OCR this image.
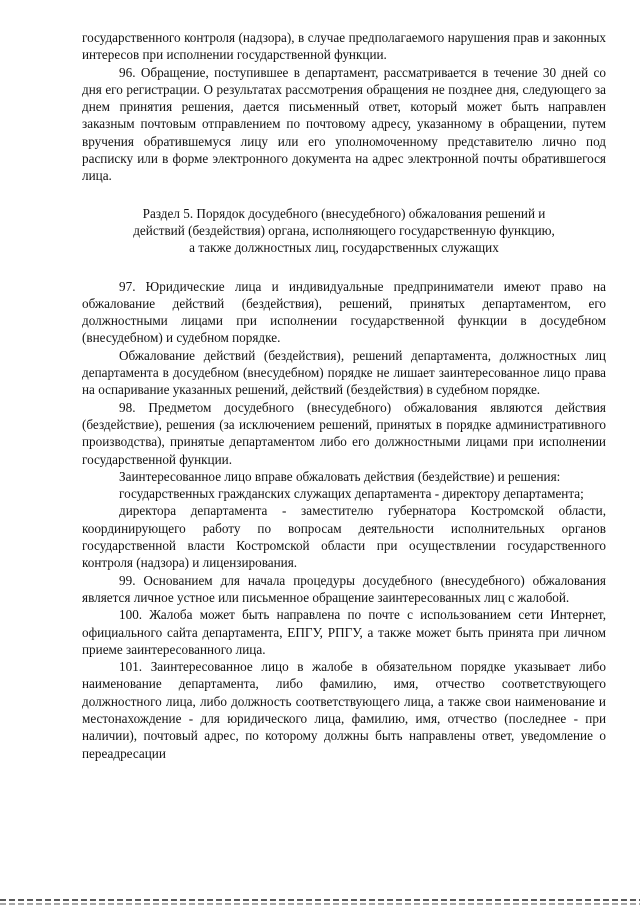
государственного контроля (надзора), в случае предполагаемого нарушения прав и законных интересов при исполнении государственной функции.

96. Обращение, поступившее в департамент, рассматривается в течение 30 дней со дня его регистрации. О результатах рассмотрения обращения не позднее дня, следующего за днем принятия решения, дается письменный ответ, который может быть направлен заказным почтовым отправлением по почтовому адресу, указанному в обращении, путем вручения обратившемуся лицу или его уполномоченному представителю лично под расписку или в форме электронного документа на адрес электронной почты обратившегося лица.

Раздел 5. Порядок досудебного (внесудебного) обжалования решений и
действий (бездействия) органа, исполняющего государственную функцию,
а также должностных лиц, государственных служащих

97. Юридические лица и индивидуальные предприниматели имеют право на обжалование действий (бездействия), решений, принятых департаментом, его должностными лицами при исполнении государственной функции в досудебном (внесудебном) и судебном порядке.

Обжалование действий (бездействия), решений департамента, должностных лиц департамента в досудебном (внесудебном) порядке не лишает заинтересованное лицо права на оспаривание указанных решений, действий (бездействия) в судебном порядке.

98. Предметом досудебного (внесудебного) обжалования являются действия (бездействие), решения (за исключением решений, принятых в порядке административного производства), принятые департаментом либо его должностными лицами при исполнении государственной функции.

Заинтересованное лицо вправе обжаловать действия (бездействие) и решения:

государственных гражданских служащих департамента - директору департамента;

директора департамента - заместителю губернатора Костромской области, координирующего работу по вопросам деятельности исполнительных органов государственной власти Костромской области при осуществлении государственного контроля (надзора) и лицензирования.

99. Основанием для начала процедуры досудебного (внесудебного) обжалования является личное устное или письменное обращение заинтересованных лиц с жалобой.

100. Жалоба может быть направлена по почте с использованием сети Интернет, официального сайта департамента, ЕПГУ, РПГУ, а также может быть принята при личном приеме заинтересованного лица.

101. Заинтересованное лицо в жалобе в обязательном порядке указывает либо наименование департамента, либо фамилию, имя, отчество соответствующего должностного лица, либо должность соответствующего лица, а также свои наименование и местонахождение - для юридического лица, фамилию, имя, отчество (последнее - при наличии), почтовый адрес, по которому должны быть направлены ответ, уведомление о переадресации
